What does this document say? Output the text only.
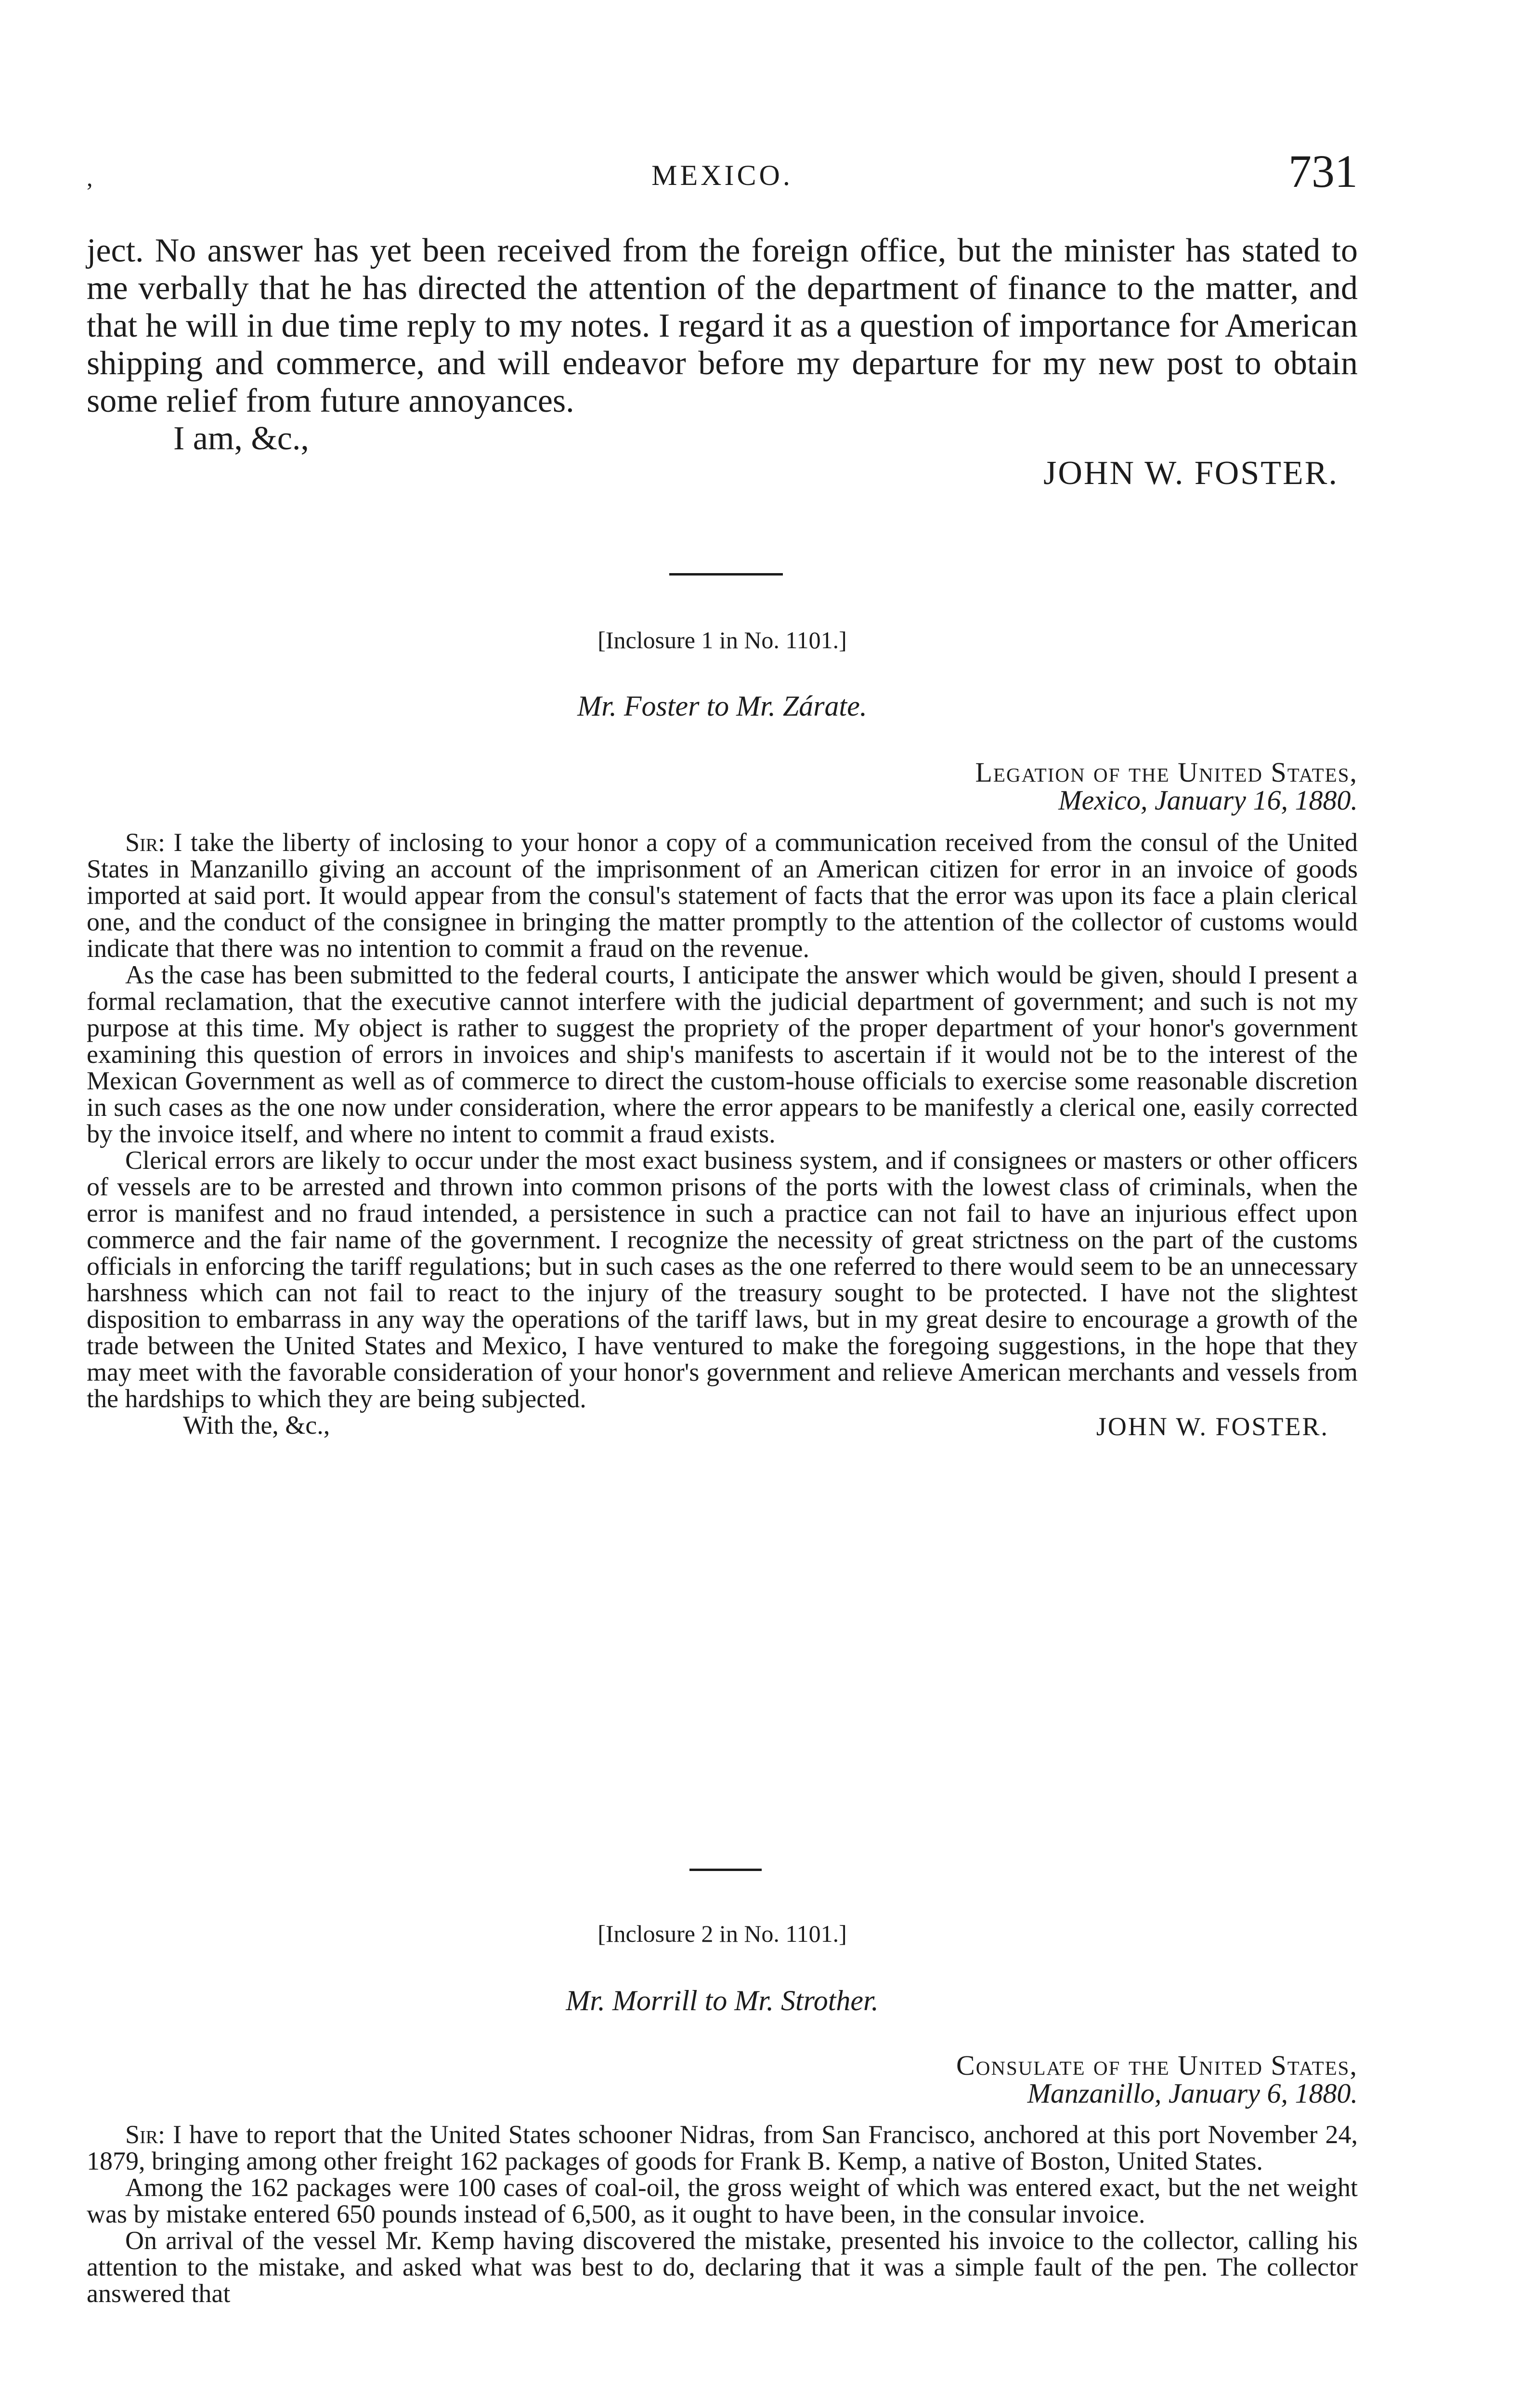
,	MEXICO.	731

ject. No answer has yet been received from the foreign office, but the minister has stated to me verbally that he has directed the attention of the department of finance to the matter, and that he will in due time reply to my notes. I regard it as a question of importance for American shipping and commerce, and will endeavor before my departure for my new post to obtain some relief from future annoyances.

I am, &c.,

JOHN W. FOSTER.

[Inclosure 1 in No. 1101.]

Mr. Foster to Mr. Zárate.

Legation of the United States,
Mexico, January 16, 1880.

Sir: I take the liberty of inclosing to your honor a copy of a communication received from the consul of the United States in Manzanillo giving an account of the imprisonment of an American citizen for error in an invoice of goods imported at said port. It would appear from the consul's statement of facts that the error was upon its face a plain clerical one, and the conduct of the consignee in bringing the matter promptly to the attention of the collector of customs would indicate that there was no intention to commit a fraud on the revenue.

As the case has been submitted to the federal courts, I anticipate the answer which would be given, should I present a formal reclamation, that the executive cannot interfere with the judicial department of government; and such is not my purpose at this time. My object is rather to suggest the propriety of the proper department of your honor's government examining this question of errors in invoices and ship's manifests to ascertain if it would not be to the interest of the Mexican Government as well as of commerce to direct the custom-house officials to exercise some reasonable discretion in such cases as the one now under consideration, where the error appears to be manifestly a clerical one, easily corrected by the invoice itself, and where no intent to commit a fraud exists.

Clerical errors are likely to occur under the most exact business system, and if consignees or masters or other officers of vessels are to be arrested and thrown into common prisons of the ports with the lowest class of criminals, when the error is manifest and no fraud intended, a persistence in such a practice can not fail to have an injurious effect upon commerce and the fair name of the government. I recognize the necessity of great strictness on the part of the customs officials in enforcing the tariff regulations; but in such cases as the one referred to there would seem to be an unnecessary harshness which can not fail to react to the injury of the treasury sought to be protected. I have not the slightest disposition to embarrass in any way the operations of the tariff laws, but in my great desire to encourage a growth of the trade between the United States and Mexico, I have ventured to make the foregoing suggestions, in the hope that they may meet with the favorable consideration of your honor's government and relieve American merchants and vessels from the hardships to which they are being subjected.

With the, &c.,	JOHN W. FOSTER.

[Inclosure 2 in No. 1101.]

Mr. Morrill to Mr. Strother.

Consulate of the United States,
Manzanillo, January 6, 1880.

Sir: I have to report that the United States schooner Nidras, from San Francisco, anchored at this port November 24, 1879, bringing among other freight 162 packages of goods for Frank B. Kemp, a native of Boston, United States.

Among the 162 packages were 100 cases of coal-oil, the gross weight of which was entered exact, but the net weight was by mistake entered 650 pounds instead of 6,500, as it ought to have been, in the consular invoice.

On arrival of the vessel Mr. Kemp having discovered the mistake, presented his invoice to the collector, calling his attention to the mistake, and asked what was best to do, declaring that it was a simple fault of the pen. The collector answered that
